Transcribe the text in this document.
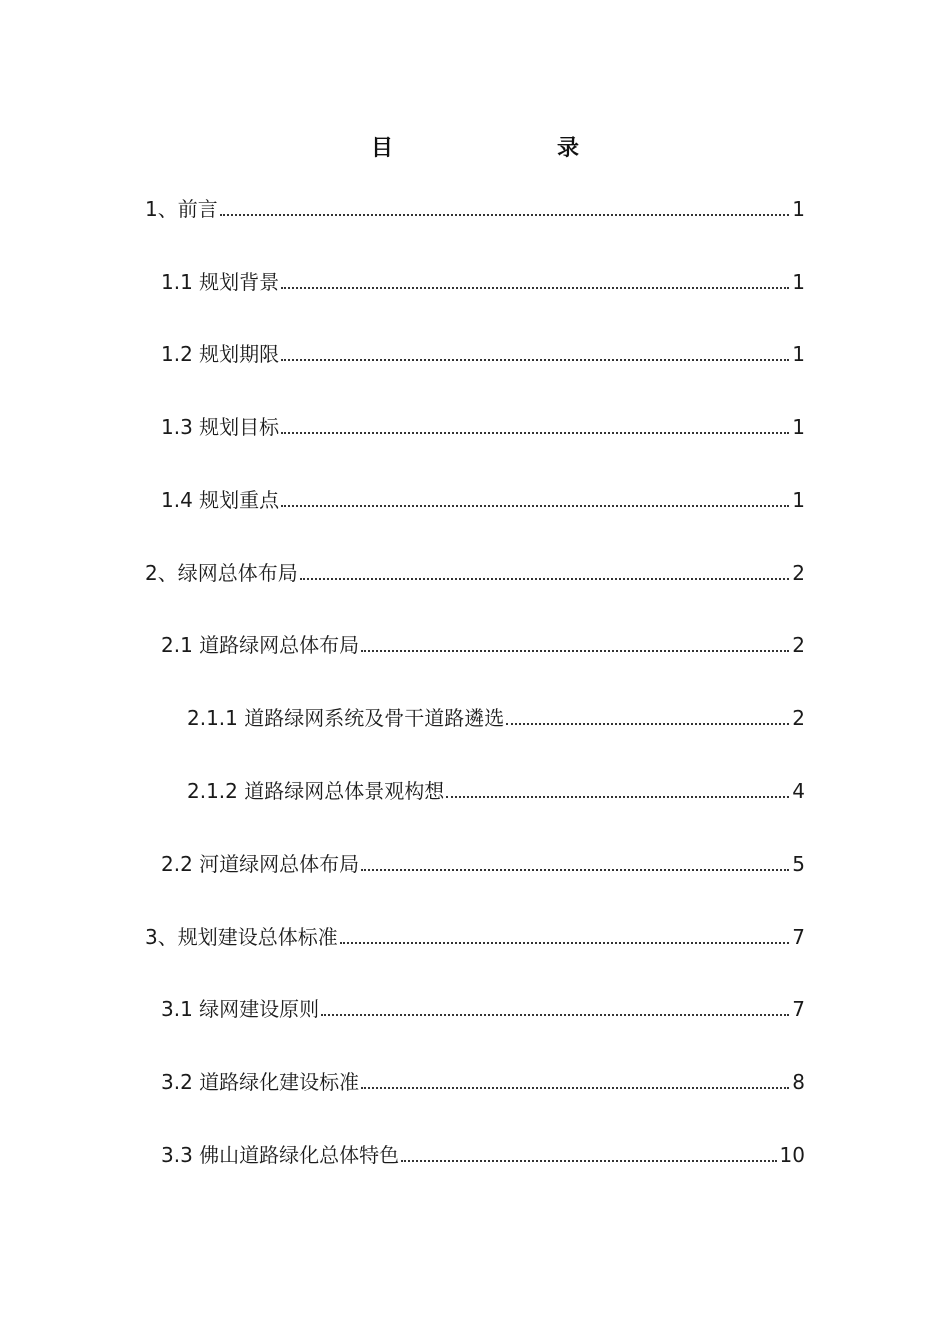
目　　录
1、前言	1
1.1 规划背景	1
1.2 规划期限	1
1.3 规划目标	1
1.4 规划重点	1
2、绿网总体布局	2
2.1 道路绿网总体布局	2
2.1.1 道路绿网系统及骨干道路遴选	2
2.1.2 道路绿网总体景观构想	4
2.2 河道绿网总体布局	5
3、规划建设总体标准	7
3.1 绿网建设原则	7
3.2 道路绿化建设标准	8
3.3 佛山道路绿化总体特色	10
